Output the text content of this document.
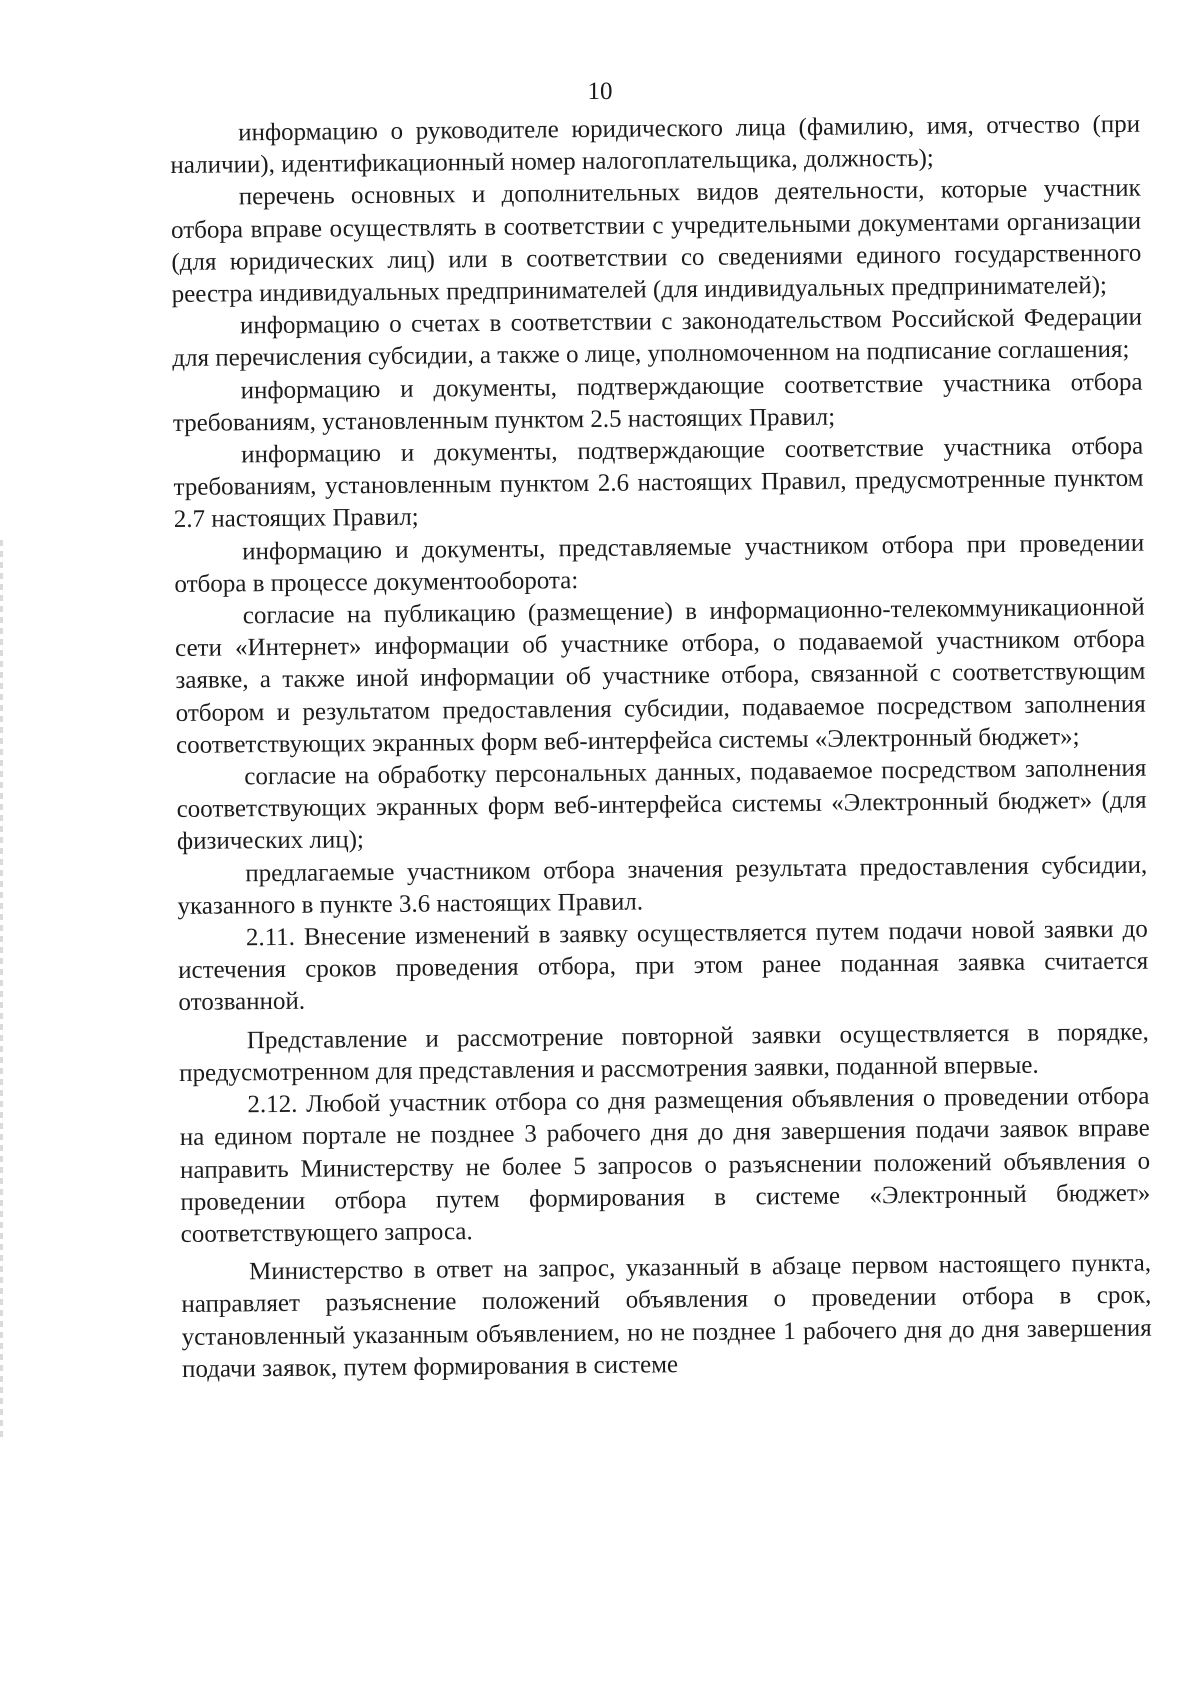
10

информацию о руководителе юридического лица (фамилию, имя, отчество (при наличии), идентификационный номер налогоплательщика, должность);

перечень основных и дополнительных видов деятельности, которые участник отбора вправе осуществлять в соответствии с учредительными документами организации (для юридических лиц) или в соответствии со сведениями единого государственного реестра индивидуальных предпринимателей (для индивидуальных предпринимателей);

информацию о счетах в соответствии с законодательством Российской Федерации для перечисления субсидии, а также о лице, уполномоченном на подписание соглашения;

информацию и документы, подтверждающие соответствие участника отбора требованиям, установленным пунктом 2.5 настоящих Правил;

информацию и документы, подтверждающие соответствие участника отбора требованиям, установленным пунктом 2.6 настоящих Правил, предусмотренные пунктом 2.7 настоящих Правил;

информацию и документы, представляемые участником отбора при проведении отбора в процессе документооборота:

согласие на публикацию (размещение) в информационно-телекоммуникационной сети «Интернет» информации об участнике отбора, о подаваемой участником отбора заявке, а также иной информации об участнике отбора, связанной с соответствующим отбором и результатом предоставления субсидии, подаваемое посредством заполнения соответствующих экранных форм веб-интерфейса системы «Электронный бюджет»;

согласие на обработку персональных данных, подаваемое посредством заполнения соответствующих экранных форм веб-интерфейса системы «Электронный бюджет» (для физических лиц);

предлагаемые участником отбора значения результата предоставления субсидии, указанного в пункте 3.6 настоящих Правил.

2.11. Внесение изменений в заявку осуществляется путем подачи новой заявки до истечения сроков проведения отбора, при этом ранее поданная заявка считается отозванной.

Представление и рассмотрение повторной заявки осуществляется в порядке, предусмотренном для представления и рассмотрения заявки, поданной впервые.

2.12. Любой участник отбора со дня размещения объявления о проведении отбора на едином портале не позднее 3 рабочего дня до дня завершения подачи заявок вправе направить Министерству не более 5 запросов о разъяснении положений объявления о проведении отбора путем формирования в системе «Электронный бюджет» соответствующего запроса.

Министерство в ответ на запрос, указанный в абзаце первом настоящего пункта, направляет разъяснение положений объявления о проведении отбора в срок, установленный указанным объявлением, но не позднее 1 рабочего дня до дня завершения подачи заявок, путем формирования в системе
